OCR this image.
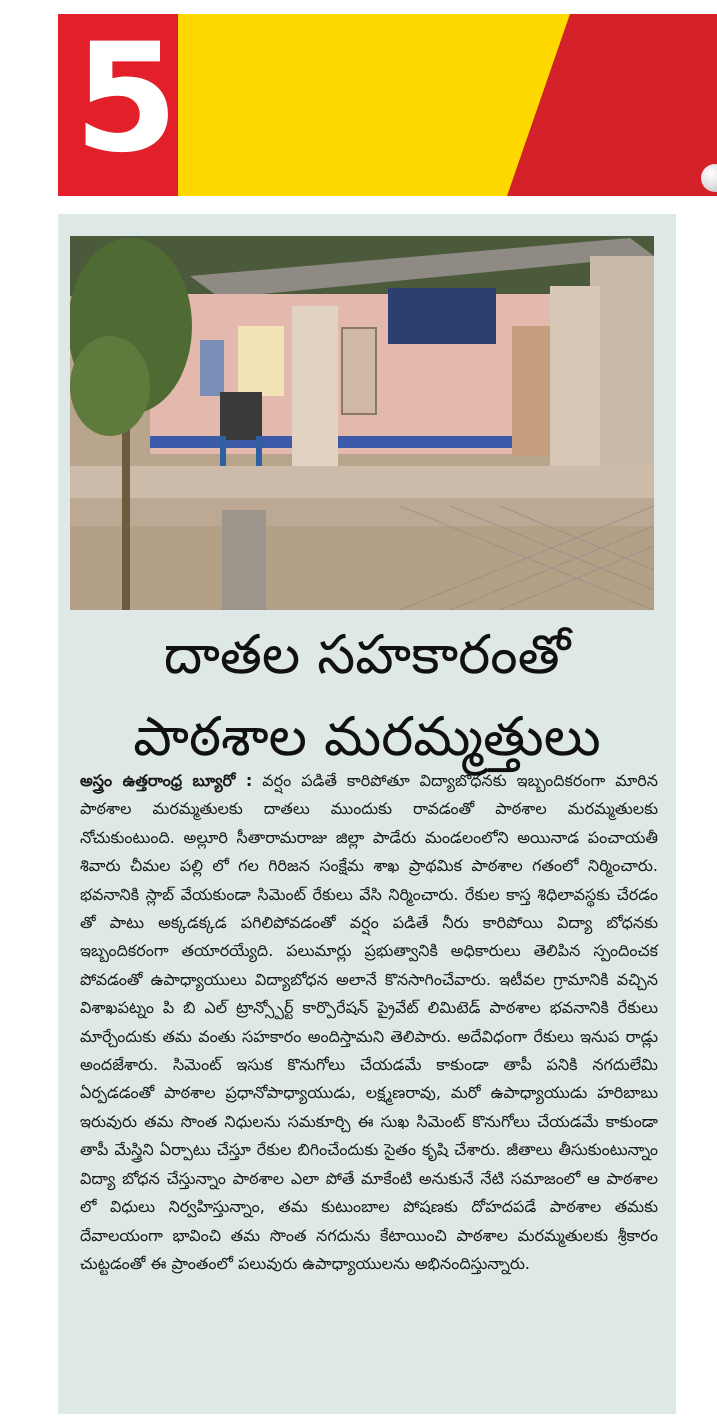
5
దాతల సహకారంతో
పాఠశాల మరమ్మత్తులు
అస్త్రం ఉత్తరాంధ్ర బ్యూరో : వర్షం పడితే కారిపోతూ విద్యాబోధనకు ఇబ్బందికరంగా మారిన పాఠశాల మరమ్మతులకు దాతలు ముందుకు రావడంతో పాఠశాల మరమ్మతులకు నోచుకుంటుంది. అల్లూరి సీతారామరాజు జిల్లా పాడేరు మండలంలోని అయినాడ పంచాయతీ శివారు చీమల పల్లి లో గల గిరిజన సంక్షేమ శాఖ ప్రాథమిక పాఠశాల గతంలో నిర్మించారు. భవనానికి స్లాబ్ వేయకుండా సిమెంట్ రేకులు వేసి నిర్మించారు. రేకుల కాస్త శిధిలావస్థకు చేరడం తో పాటు అక్కడక్కడ పగిలిపోవడంతో వర్షం పడితే నీరు కారిపోయి విద్యా బోధనకు ఇబ్బందికరంగా తయారయ్యేది. పలుమార్లు ప్రభుత్వానికి అధికారులు తెలిపిన స్పందించక పోవడంతో ఉపాధ్యాయులు విద్యాబోధన అలానే కొనసాగించేవారు. ఇటీవల గ్రామానికి వచ్చిన విశాఖపట్నం పి బి ఎల్ ట్రాన్స్పోర్ట్ కార్పొరేషన్ ప్రైవేట్ లిమిటెడ్ పాఠశాల భవనానికి రేకులు మార్చేందుకు తమ వంతు సహకారం అందిస్తామని తెలిపారు. అదేవిధంగా రేకులు ఇనుప రాడ్లు అందజేశారు. సిమెంట్ ఇసుక కొనుగోలు చేయడమే కాకుండా తాపీ పనికి నగదులేమి ఏర్పడడంతో పాఠశాల ప్రధానోపాధ్యాయుడు, లక్ష్మణరావు, మరో ఉపాధ్యాయుడు హరిబాబు ఇరువురు తమ సొంత నిధులను సమకూర్చి ఈ సుఖ సిమెంట్ కొనుగోలు చేయడమే కాకుండా తాపీ మేస్త్రిని ఏర్పాటు చేస్తూ రేకుల బిగించేందుకు సైతం కృషి చేశారు. జీతాలు తీసుకుంటున్నాం విద్యా బోధన చేస్తున్నాం పాఠశాల ఎలా పోతే మాకేంటి అనుకునే నేటి సమాజంలో ఆ పాఠశాల లో విధులు నిర్వహిస్తున్నాం, తమ కుటుంబాల పోషణకు దోహదపడే పాఠశాల తమకు దేవాలయంగా భావించి తమ సొంత నగదును కేటాయించి పాఠశాల మరమ్మతులకు శ్రీకారం చుట్టడంతో ఈ ప్రాంతంలో పలువురు ఉపాధ్యాయులను అభినందిస్తున్నారు.
